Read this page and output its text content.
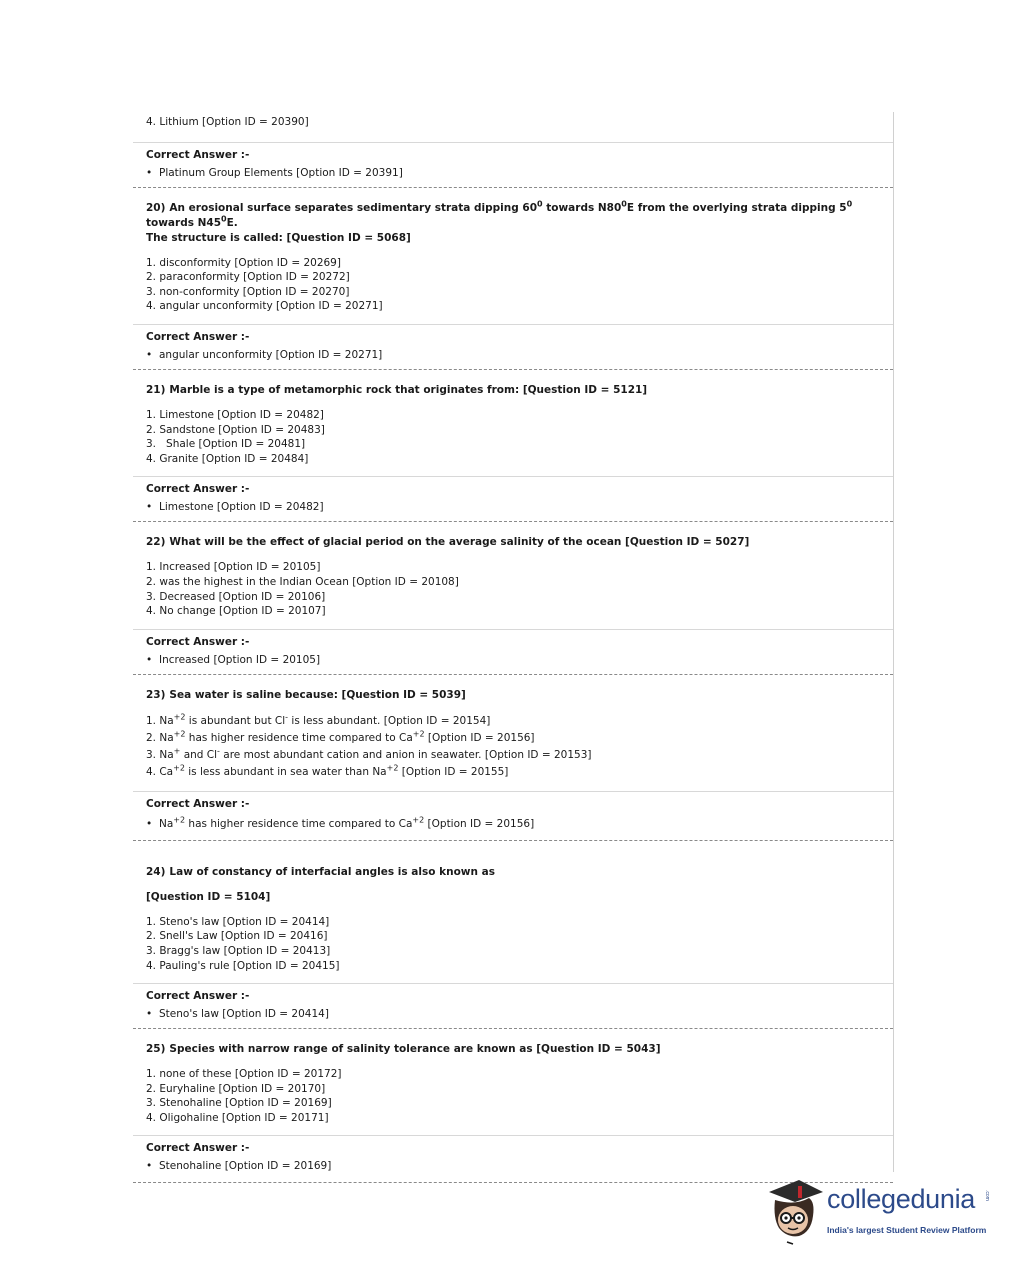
4. Lithium [Option ID = 20390]
Correct Answer :-
• Platinum Group Elements [Option ID = 20391]
20) An erosional surface separates sedimentary strata dipping $60^0$ towards $N80^0E$ from the overlying strata dipping $5^0$ towards $N45^0E$.
The structure is called: [Question ID = 5068]
1. disconformity [Option ID = 20269]
2. paraconformity [Option ID = 20272]
3. non-conformity [Option ID = 20270]
4. angular unconformity [Option ID = 20271]
Correct Answer :-
• angular unconformity [Option ID = 20271]
21) Marble is a type of metamorphic rock that originates from: [Question ID = 5121]
1. Limestone [Option ID = 20482]
2. Sandstone [Option ID = 20483]
3.   Shale [Option ID = 20481]
4. Granite [Option ID = 20484]
Correct Answer :-
• Limestone [Option ID = 20482]
22) What will be the effect of glacial period on the average salinity of the ocean [Question ID = 5027]
1. Increased [Option ID = 20105]
2. was the highest in the Indian Ocean [Option ID = 20108]
3. Decreased [Option ID = 20106]
4. No change [Option ID = 20107]
Correct Answer :-
• Increased [Option ID = 20105]
23) Sea water is saline because: [Question ID = 5039]
1. $Na^{+2}$ is abundant but Cl- is less abundant. [Option ID = 20154]
2. $Na^{+2}$ has higher residence time compared to $Ca^{+2}$ [Option ID = 20156]
3. Na+ and Cl- are most abundant cation and anion in seawater. [Option ID = 20153]
4. $Ca^{+2}$ is less abundant in sea water than $Na^{+2}$ [Option ID = 20155]
Correct Answer :-
• $Na^{+2}$ has higher residence time compared to $Ca^{+2}$ [Option ID = 20156]
24) Law of constancy of interfacial angles is also known as
[Question ID = 5104]
1. Steno's law [Option ID = 20414]
2. Snell's Law [Option ID = 20416]
3. Bragg's law [Option ID = 20413]
4. Pauling's rule [Option ID = 20415]
Correct Answer :-
• Steno's law [Option ID = 20414]
25) Species with narrow range of salinity tolerance are known as [Question ID = 5043]
1. none of these [Option ID = 20172]
2. Euryhaline [Option ID = 20170]
3. Stenohaline [Option ID = 20169]
4. Oligohaline [Option ID = 20171]
Correct Answer :-
• Stenohaline [Option ID = 20169]
collegedunia .com
India's largest Student Review Platform
